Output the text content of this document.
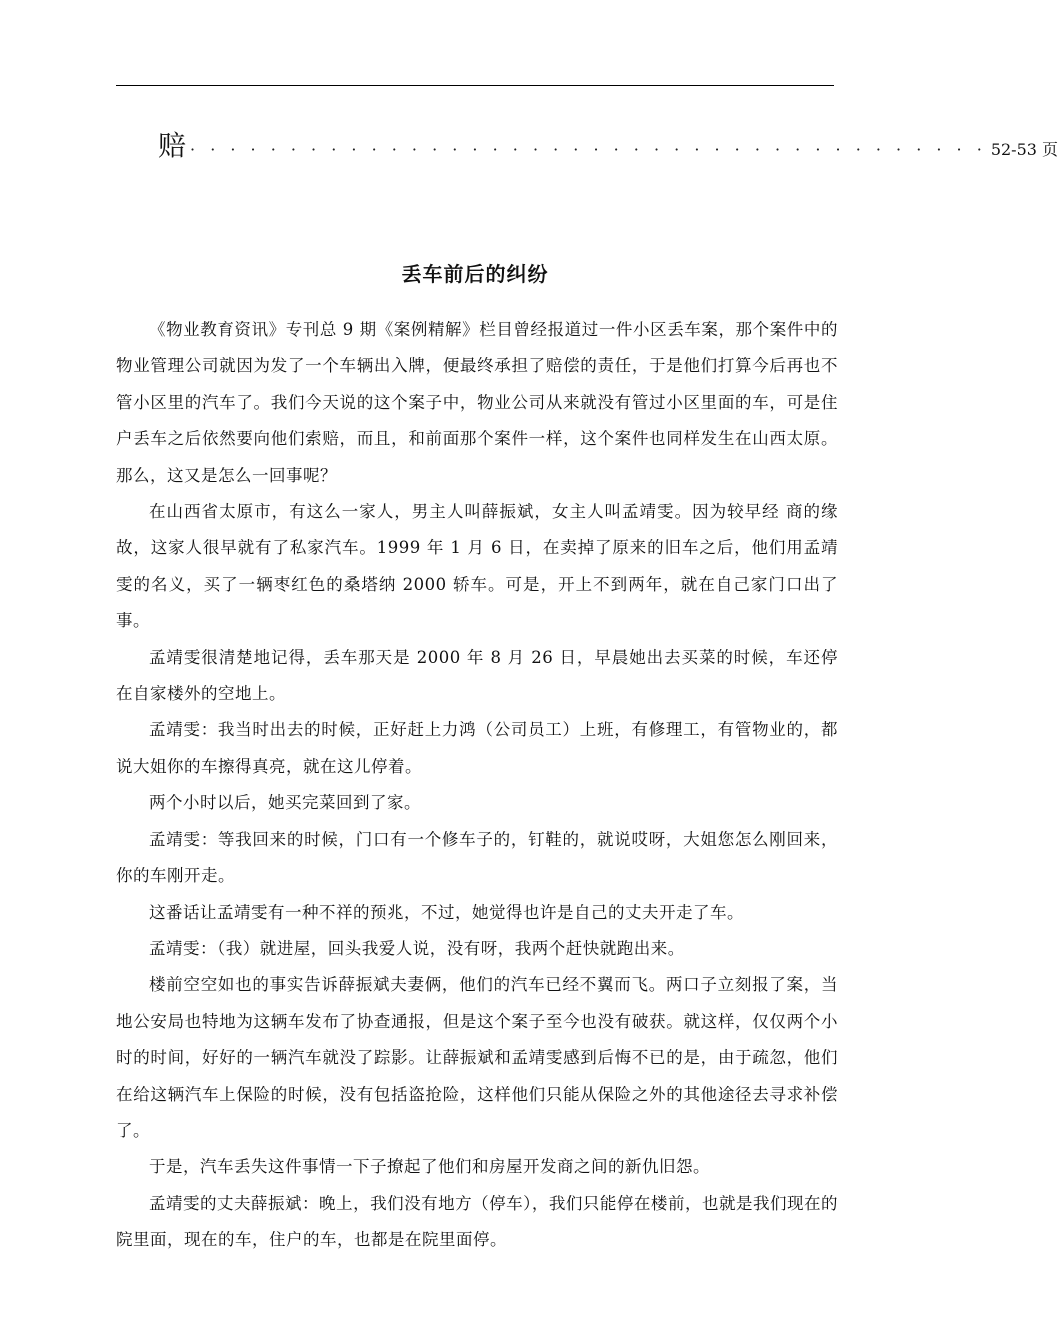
赔 · · · · · · · · · · · · · · · · · · · · · · · · · · · · · · · · · · · · · · · · 52-53 页
丢车前后的纠纷

《物业教育资讯》专刊总 9 期《案例精解》栏目曾经报道过一件小区丢车案，那个案件中的物业管理公司就因为发了一个车辆出入牌，便最终承担了赔偿的责任，于是他们打算今后再也不管小区里的汽车了。我们今天说的这个案子中，物业公司从来就没有管过小区里面的车，可是住户丢车之后依然要向他们索赔，而且，和前面那个案件一样，这个案件也同样发生在山西太原。那么，这又是怎么一回事呢？

在山西省太原市，有这么一家人，男主人叫薛振斌，女主人叫孟靖雯。因为较早经 商的缘故，这家人很早就有了私家汽车。1999 年 1 月 6 日，在卖掉了原来的旧车之后，他们用孟靖雯的名义，买了一辆枣红色的桑塔纳 2000 轿车。可是，开上不到两年，就在自己家门口出了事。

孟靖雯很清楚地记得，丢车那天是 2000 年 8 月 26 日，早晨她出去买菜的时候，车还停在自家楼外的空地上。

孟靖雯：我当时出去的时候，正好赶上力鸿（公司员工）上班，有修理工，有管物业的，都说大姐你的车擦得真亮，就在这儿停着。

两个小时以后，她买完菜回到了家。

孟靖雯：等我回来的时候，门口有一个修车子的，钉鞋的，就说哎呀，大姐您怎么刚回来，你的车刚开走。

这番话让孟靖雯有一种不祥的预兆，不过，她觉得也许是自己的丈夫开走了车。

孟靖雯：（我）就进屋，回头我爱人说，没有呀，我两个赶快就跑出来。

楼前空空如也的事实告诉薛振斌夫妻俩，他们的汽车已经不翼而飞。两口子立刻报了案，当地公安局也特地为这辆车发布了协查通报，但是这个案子至今也没有破获。就这样，仅仅两个小时的时间，好好的一辆汽车就没了踪影。让薛振斌和孟靖雯感到后悔不已的是，由于疏忽，他们在给这辆汽车上保险的时候，没有包括盗抢险，这样他们只能从保险之外的其他途径去寻求补偿了。

于是，汽车丢失这件事情一下子撩起了他们和房屋开发商之间的新仇旧怨。

孟靖雯的丈夫薛振斌：晚上，我们没有地方（停车），我们只能停在楼前，也就是我们现在的院里面，现在的车，住户的车，也都是在院里面停。
